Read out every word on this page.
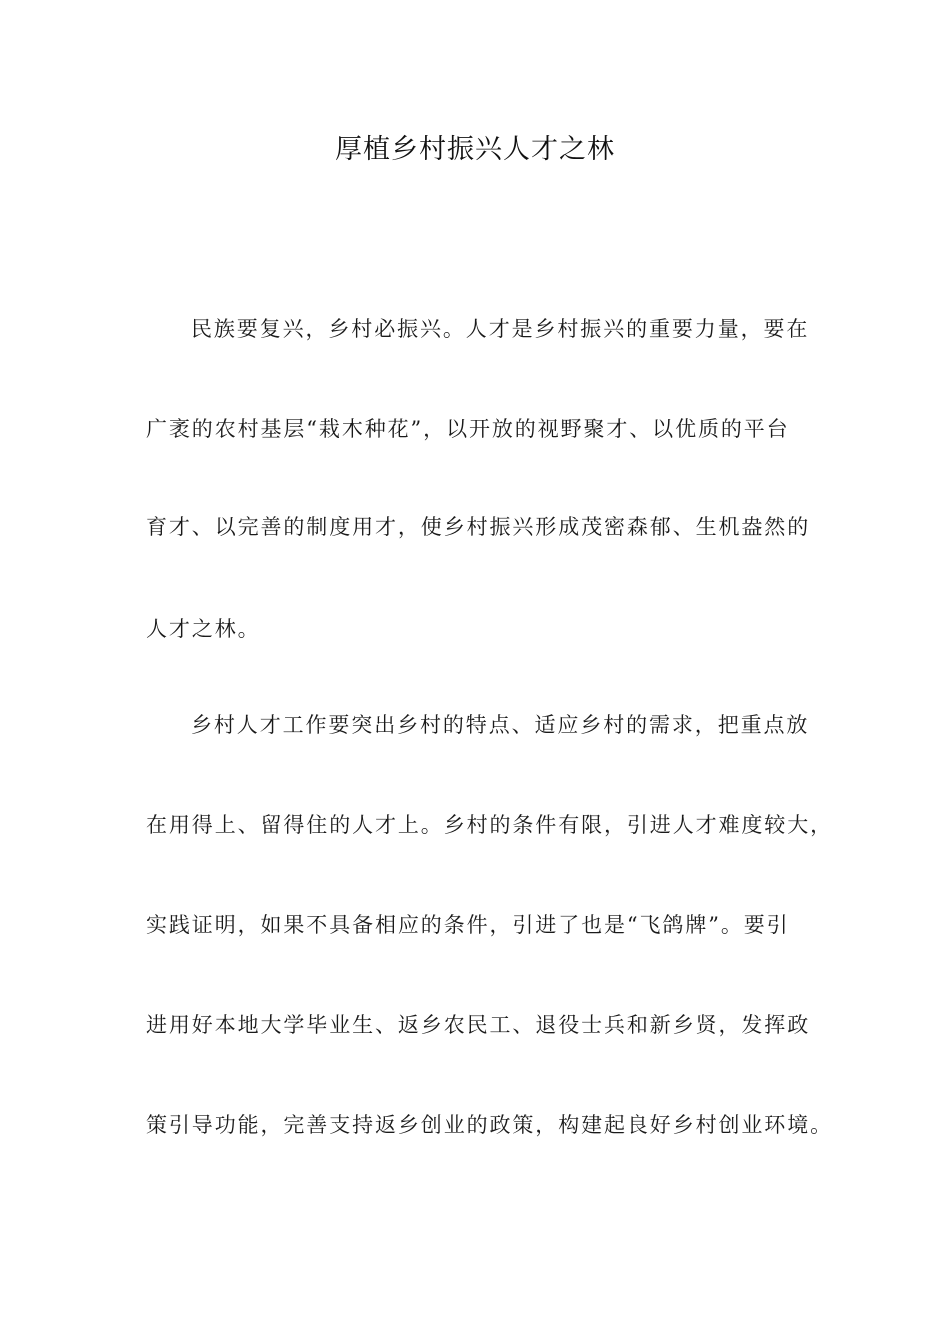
厚植乡村振兴人才之林
民族要复兴，乡村必振兴。人才是乡村振兴的重要力量，要在
广袤的农村基层“栽木种花”，以开放的视野聚才、以优质的平台
育才、以完善的制度用才，使乡村振兴形成茂密森郁、生机盎然的
人才之林。
乡村人才工作要突出乡村的特点、适应乡村的需求，把重点放
在用得上、留得住的人才上。乡村的条件有限，引进人才难度较大，
实践证明，如果不具备相应的条件，引进了也是“飞鸽牌”。要引
进用好本地大学毕业生、返乡农民工、退役士兵和新乡贤，发挥政
策引导功能，完善支持返乡创业的政策，构建起良好乡村创业环境。
